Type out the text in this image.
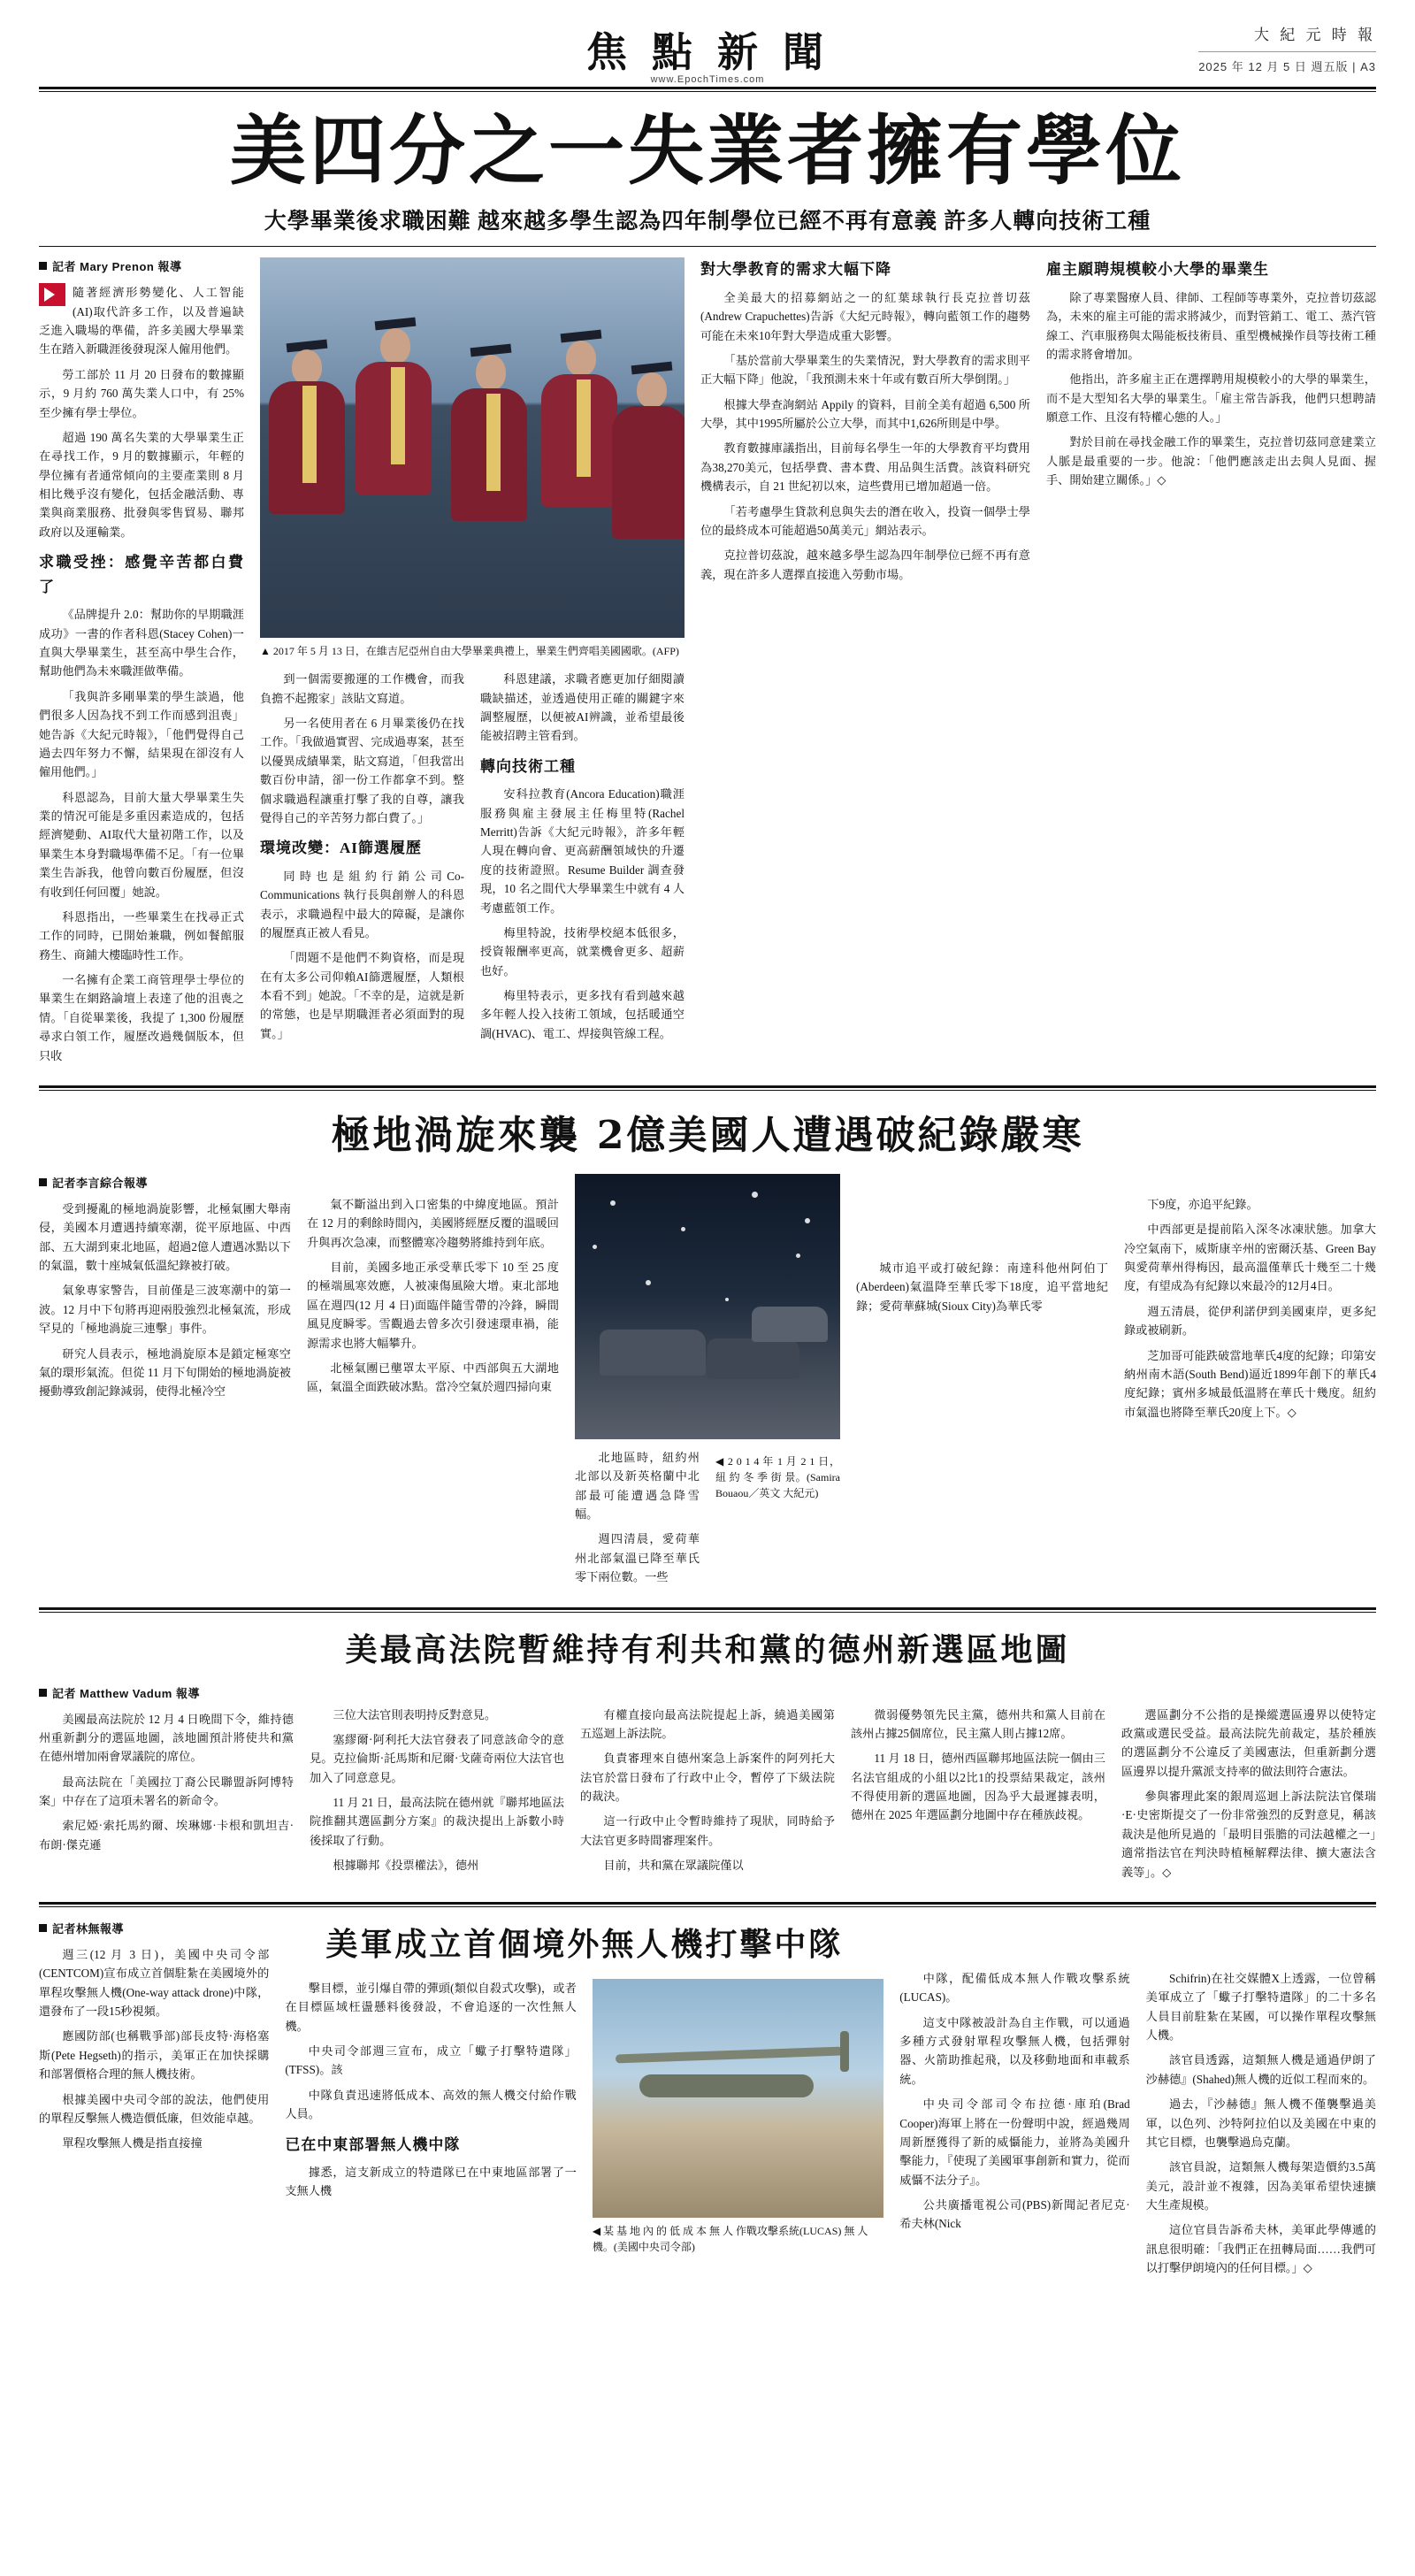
焦 點 新 聞
www.EpochTimes.com
大 紀 元 時 報
2025 年 12 月 5 日 週五版 | A3
美四分之一失業者擁有學位
大學畢業後求職困難 越來越多學生認為四年制學位已經不再有意義 許多人轉向技術工種
記者 Mary Prenon 報導

隨著經濟形勢變化、人工智能(AI)取代許多工作，以及普遍缺乏進入職場的準備，許多美國大學畢業生在踏入新職涯後發現深人僱用他們。

勞工部於 11 月 20 日發布的數據顯示，9 月約 760 萬失業人口中，有 25% 至少擁有學士學位。

超過 190 萬名失業的大學畢業生正在尋找工作，9 月的數據顯示，年輕的學位擁有者通常傾向的主要產業則 8 月相比幾乎沒有變化，包括金融活動、專業與商業服務、批發與零售貿易、聯邦政府以及運輸業。

求職受挫：感覺辛苦都白費了

《品牌提升 2.0：幫助你的早期職涯成功》一書的作者科恩(Stacey Cohen)一直與大學畢業生，甚至高中學生合作，幫助他們為未來職涯做準備。

「我與許多剛畢業的學生談過，他們很多人因為找不到工作而感到沮喪」她告訴《大紀元時報》，「他們覺得自己過去四年努力不懈，結果現在卻沒有人僱用他們。」

科恩認為，目前大量大學畢業生失業的情況可能是多重因素造成的，包括經濟變動、AI取代大量初階工作，以及畢業生本身對職場準備不足。「有一位畢業生告訴我，他曾向數百份履歷，但沒有收到任何回覆」她說。

科恩指出，一些畢業生在找尋正式工作的同時，已開始兼職，例如餐館服務生、商鋪大樓臨時性工作。

一名擁有企業工商管理學士學位的畢業生在網路論壇上表達了他的沮喪之情。「自從畢業後，我提了 1,300 份履歷尋求白領工作，履歷改過幾個版本，但只收

▲ 2017 年 5 月 13 日，在維吉尼亞州自由大學畢業典禮上，畢業生們齊唱美國國歌。(AFP)

到一個需要搬運的工作機會，而我負擔不起搬家」該貼文寫道。

另一名使用者在 6 月畢業後仍在找工作。「我做過實習、完成過專案，甚至以優異成績畢業，貼文寫道，「但我當出數百份申請，卻一份工作都拿不到。整個求職過程讓重打擊了我的自尊，讓我覺得自己的辛苦努力都白費了。」

環境改變：AI篩選履歷

同 時 也 是 組 約 行 銷 公 司 Co-Communications 執行長與創辦人的科恩表示，求職過程中最大的障礙，是讓你的履歷真正被人看見。

「問題不是他們不夠資格，而是現在有太多公司仰賴AI篩選履歷，人類根本看不到」她說。「不幸的是，這就是新的常態，也是早期職涯者必須面對的現實。」

科恩建議，求職者應更加仔細閱讀職缺描述，並透過使用正確的關鍵字來調整履歷，以便被AI辨識，並希望最後能被招聘主管看到。

轉向技術工種

安科拉教育(Ancora Education)職涯服務與雇主發展主任梅里特(Rachel Merritt)告訴《大紀元時報》，許多年輕人現在轉向會、更高薪酬領域快的升遷度的技術證照。Resume Builder 調查發現，10 名之間代大學畢業生中就有 4 人考慮藍領工作。

梅里特說，技術學校絕本低很多，授資報酬率更高，就業機會更多、超薪也好。

梅里特表示，更多找有看到越來越多年輕人投入技術工領域，包括暖通空調(HVAC)、電工、焊接與管線工程。

對大學教育的需求大幅下降

全美最大的招募網站之一的紅葉球執行長克拉普切茲(Andrew Crapuchettes)告訴《大紀元時報》，轉向藍領工作的趨勢可能在未來10年對大學造成重大影響。

「基於當前大學畢業生的失業情況，對大學教育的需求則平正大幅下降」他說，「我預測未來十年或有數百所大學倒閉。」

根據大學查詢網站 Appily 的資料，目前全美有超過 6,500 所大學，其中1995所屬於公立大學，而其中1,626所則是中學。

教育數據庫議指出，目前每名學生一年的大學教育平均費用為38,270美元，包括學費、書本費、用品與生活費。該資料研究機構表示，自 21 世紀初以來，這些費用已增加超過一倍。

「若考慮學生貸款利息與失去的潛在收入，投資一個學士學位的最終成本可能超過50萬美元」網站表示。

克拉普切茲說，越來越多學生認為四年制學位已經不再有意義，現在許多人選擇直接進入勞動市場。

雇主願聘規模較小大學的畢業生

除了專業醫療人員、律師、工程師等專業外，克拉普切茲認為，未來的雇主可能的需求將減少，而對管銷工、電工、蒸汽管線工、汽車服務與太陽能板技術員、重型機械操作員等技術工種的需求將會增加。

他指出，許多雇主正在選擇聘用規模較小的大學的畢業生，而不是大型知名大學的畢業生。「雇主常告訴我，他們只想聘請願意工作、且沒有特權心態的人。」

對於目前在尋找金融工作的畢業生，克拉普切茲同意建業立人脈是最重要的一步。他說：「他們應該走出去與人見面、握手、開始建立關係。」◇

極地渦旋來襲 2億美國人遭遇破紀錄嚴寒
記者李言綜合報導

受到擾亂的極地渦旋影響，北極氣團大舉南侵，美國本月遭遇持續寒潮，從平原地區、中西部、五大湖到東北地區，超過2億人遭遇冰點以下的氣溫，數十座城氣低溫紀錄被打破。

氣象專家警告，目前僅是三波寒潮中的第一波。12 月中下旬將再迎兩股強烈北極氣流，形成罕見的「極地渦旋三連擊」事件。

研究人員表示，極地渦旋原本是鎖定極寒空氣的環形氣流。但從 11 月下旬開始的極地渦旋被擾動導致創記錄減弱，使得北極冷空

氣不斷溢出到入口密集的中緯度地區。預計在 12 月的剩餘時間內，美國將經歷反覆的溫暖回升與再次急凍，而整體寒冷趨勢將維持到年底。

目前，美國多地正承受華氏零下 10 至 25 度的極端風寒效應，人被凍傷風險大增。東北部地區在週四(12 月 4 日)面臨伴隨雪帶的冷鋒，瞬間風見度瞬零。雪觀過去曾多次引發速環車禍，能源需求也將大幅攀升。

北極氣團已壟罩太平原、中西部與五大湖地區，氣溫全面跌破冰點。當冷空氣於週四掃向東

北地區時，紐約州北部以及新英格蘭中北部最可能遭遇急降雪幅。

週四清晨，愛荷華州北部氣溫已降至華氏零下兩位數。一些

◀ 2 0 1 4 年 1 月 2 1 日， 紐 約 冬 季 街 景。(Samira Bouaou／英文 大紀元)

城市追平或打破紀錄：南達科他州阿伯丁(Aberdeen)氣溫降至華氏零下18度，追平當地紀錄；愛荷華蘇城(Sioux City)為華氏零

下9度，亦追平紀錄。

中西部更是提前陷入深冬冰凍狀態。加拿大冷空氣南下，威斯康辛州的密爾沃基、Green Bay 與愛荷華州得梅因，最高溫僅華氏十幾至二十幾度，有望成為有紀錄以來最冷的12月4日。

週五清晨，從伊利諾伊到美國東岸，更多紀錄或被刷新。

芝加哥可能跌破當地華氏4度的紀錄；印第安納州南木語(South Bend)逼近1899年創下的華氏4度紀錄；賓州多城最低溫將在華氏十幾度。紐約市氣溫也將降至華氏20度上下。◇

美最高法院暫維持有利共和黨的德州新選區地圖
記者 Matthew Vadum 報導

美國最高法院於 12 月 4 日晚間下令，維持德州重新劃分的選區地圖，該地圖預計將使共和黨在德州增加兩會眾議院的席位。

最高法院在「美國拉丁裔公民聯盟訴阿博特案」中存在了這項未署名的新命令。

索尼婭·索托馬約爾、埃琳娜·卡根和凱坦吉·布朗·傑克遜

三位大法官則表明持反對意見。

塞繆爾·阿利托大法官發表了同意該命令的意見。克拉倫斯·託馬斯和尼爾·戈薩奇兩位大法官也加入了同意意見。

11 月 21 日，最高法院在德州就『聯邦地區法院推翻其選區劃分方案』的裁決提出上訴數小時後採取了行動。

根據聯邦《投票權法》，德州

有權直接向最高法院提起上訴，繞過美國第五巡迴上訴法院。

負責審理來自德州案急上訴案件的阿列托大法官於當日發布了行政中止令，暫停了下級法院的裁決。

這一行政中止令暫時維持了現狀，同時給予大法官更多時間審理案件。

目前，共和黨在眾議院僅以

微弱優勢領先民主黨，德州共和黨人目前在該州占據25個席位，民主黨人則占據12席。

11 月 18 日，德州西區聯邦地區法院一個由三名法官組成的小組以2比1的投票結果裁定，該州不得使用新的選區地圖，因為乎大最遲據表明，德州在 2025 年選區劃分地圖中存在種族歧視。

選區劃分不公指的是操縱選區邊界以使特定政黨或選民受益。最高法院先前裁定，基於種族的選區劃分不公違反了美國憲法，但重新劃分選區邊界以提升黨派支持率的做法則符合憲法。

參與審理此案的銀周巡迴上訴法院法官傑瑞·E·史密斯提交了一份非常強烈的反對意見，稱該裁決是他所見過的「最明目張膽的司法越權之一」適常指法官在判決時植極解釋法律、擴大憲法含義等」。◇

記者林無報導

週三(12 月 3 日)，美國中央司令部(CENTCOM)宣布成立首個駐紮在美國境外的單程攻擊無人機(One-way attack drone)中隊，還發布了一段15秒視頻。

應國防部(也稱戰爭部)部長皮特·海格塞斯(Pete Hegseth)的指示，美軍正在加快採購和部署價格合理的無人機技術。

根據美國中央司令部的說法，他們使用的單程反擊無人機造價低廉，但效能卓越。

單程攻擊無人機是指直接撞

美軍成立首個境外無人機打擊中隊

擊目標，並引爆自帶的彈頭(類似自殺式攻擊)，或者在目標區域枉盪懸料後發設，不會追逐的一次性無人機。

中央司令部週三宣布，成立「蠍子打擊特遣隊」(TFSS)。該

中隊負責迅速將低成本、高效的無人機交付給作戰人員。

已在中東部署無人機中隊

據悉，這支新成立的特遣隊已在中東地區部署了一支無人機

◀ 某 基 地 內 的 低 成 本 無 人 作戰攻擊系統(LUCAS) 無 人 機。(美國中央司令部)

中隊，配備低成本無人作戰攻擊系統(LUCAS)。

這支中隊被設計為自主作戰，可以通過多種方式發射單程攻擊無人機，包括彈射器、火箭助推起飛，以及移動地面和車載系統。

中央司令部司令布拉德·庫珀(Brad Cooper)海軍上將在一份聲明中說，經過幾周周新歷獲得了新的威懾能力，並將為美國升擊能力，『使現了美國軍事創新和實力，從而威懾不法分子』。

公共廣播電視公司(PBS)新聞記者尼克·希夫林(Nick

Schifrin)在社交媒體X上透露，一位曾稱美軍成立了「蠍子打擊特遣隊」的二十多名人員目前駐紮在某國，可以操作單程攻擊無人機。

該官員透露，這類無人機是通過伊朗了沙赫德』(Shahed)無人機的近似工程而來的。

過去，『沙赫德』無人機不僅襲擊過美軍，以色列、沙特阿拉伯以及美國在中東的其它目標，也襲擊過烏克蘭。

該官員說，這類無人機每架造價約3.5萬美元，設計並不複雜，因為美軍希望快速擴大生產規模。

這位官員告訴希夫林，美軍此學傳遞的訊息很明確：「我們正在扭轉局面……我們可以打擊伊朗境內的任何目標。」◇
